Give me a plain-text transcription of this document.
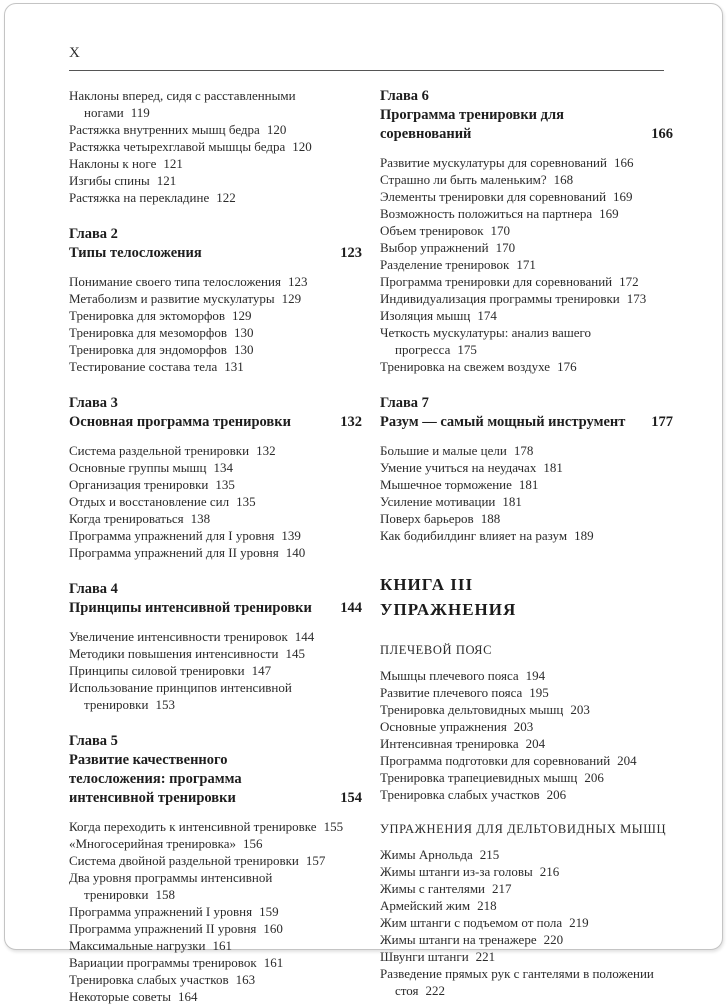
X
Наклоны вперед, сидя с расставленными ногами 119
Растяжка внутренних мышц бедра 120
Растяжка четырехглавой мышцы бедра 120
Наклоны к ноге 121
Изгибы спины 121
Растяжка на перекладине 122
Глава 2
Типы телосложения	123
Понимание своего типа телосложения 123
Метаболизм и развитие мускулатуры 129
Тренировка для эктоморфов 129
Тренировка для мезоморфов 130
Тренировка для эндоморфов 130
Тестирование состава тела 131
Глава 3
Основная программа тренировки	132
Система раздельной тренировки 132
Основные группы мышц 134
Организация тренировки 135
Отдых и восстановление сил 135
Когда тренироваться 138
Программа упражнений для I уровня 139
Программа упражнений для II уровня 140
Глава 4
Принципы интенсивной тренировки 144
Увеличение интенсивности тренировок 144
Методики повышения интенсивности 145
Принципы силовой тренировки 147
Использование принципов интенсивной тренировки 153
Глава 5
Развитие качественного телосложения: программа интенсивной тренировки	154
Когда переходить к интенсивной тренировке 155
«Многосерийная тренировка» 156
Система двойной раздельной тренировки 157
Два уровня программы интенсивной тренировки 158
Программа упражнений I уровня 159
Программа упражнений II уровня 160
Максимальные нагрузки 161
Вариации программы тренировок 161
Тренировка слабых участков 163
Некоторые советы 164
Глава 6
Программа тренировки для соревнований	166
Развитие мускулатуры для соревнований 166
Страшно ли быть маленьким? 168
Элементы тренировки для соревнований 169
Возможность положиться на партнера 169
Объем тренировок 170
Выбор упражнений 170
Разделение тренировок 171
Программа тренировки для соревнований 172
Индивидуализация программы тренировки 173
Изоляция мышц 174
Четкость мускулатуры: анализ вашего прогресса 175
Тренировка на свежем воздухе 176
Глава 7
Разум — самый мощный инструмент 177
Большие и малые цели 178
Умение учиться на неудачах 181
Мышечное торможение 181
Усиление мотивации 181
Поверх барьеров 188
Как бодибилдинг влияет на разум 189
КНИГА III
УПРАЖНЕНИЯ
ПЛЕЧЕВОЙ ПОЯС
Мышцы плечевого пояса 194
Развитие плечевого пояса 195
Тренировка дельтовидных мышц 203
Основные упражнения 203
Интенсивная тренировка 204
Программа подготовки для соревнований 204
Тренировка трапециевидных мышц 206
Тренировка слабых участков 206
УПРАЖНЕНИЯ ДЛЯ ДЕЛЬТОВИДНЫХ МЫШЦ
Жимы Арнольда 215
Жимы штанги из-за головы 216
Жимы с гантелями 217
Армейский жим 218
Жим штанги с подъемом от пола 219
Жимы штанги на тренажере 220
Швунги штанги 221
Разведение прямых рук с гантелями в положении стоя 222
